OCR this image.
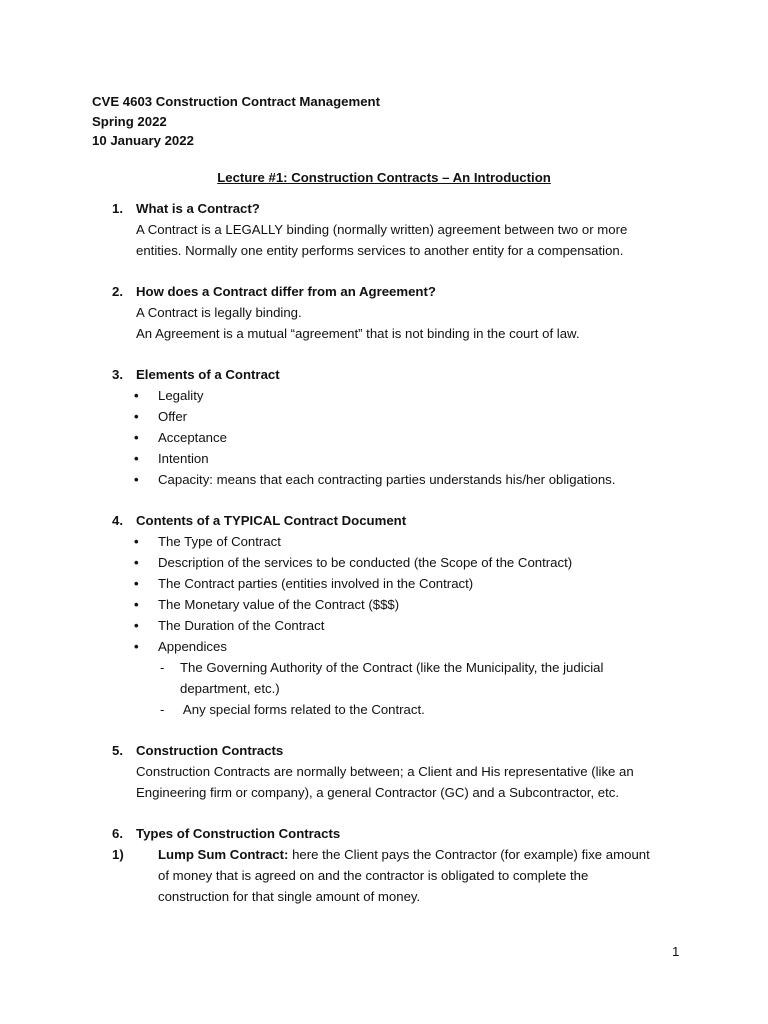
CVE 4603 Construction Contract Management
Spring 2022
10 January 2022
Lecture #1: Construction Contracts – An Introduction
1. What is a Contract?
A Contract is a LEGALLY binding (normally written) agreement between two or more
entities. Normally one entity performs services to another entity for a compensation.
2. How does a Contract differ from an Agreement?
A Contract is legally binding.
An Agreement is a mutual “agreement” that is not binding in the court of law.
3. Elements of a Contract
• Legality
• Offer
• Acceptance
• Intention
• Capacity: means that each contracting parties understands his/her obligations.
4. Contents of a TYPICAL Contract Document
• The Type of Contract
• Description of the services to be conducted (the Scope of the Contract)
• The Contract parties (entities involved in the Contract)
• The Monetary value of the Contract ($$$)
• The Duration of the Contract
• Appendices
- The Governing Authority of the Contract (like the Municipality, the judicial
department, etc.)
- Any special forms related to the Contract.
5. Construction Contracts
Construction Contracts are normally between; a Client and His representative (like an
Engineering firm or company), a general Contractor (GC) and a Subcontractor, etc.
6. Types of Construction Contracts
1)	Lump Sum Contract: here the Client pays the Contractor (for example) fixe amount
of money that is agreed on and the contractor is obligated to complete the
construction for that single amount of money.
1
